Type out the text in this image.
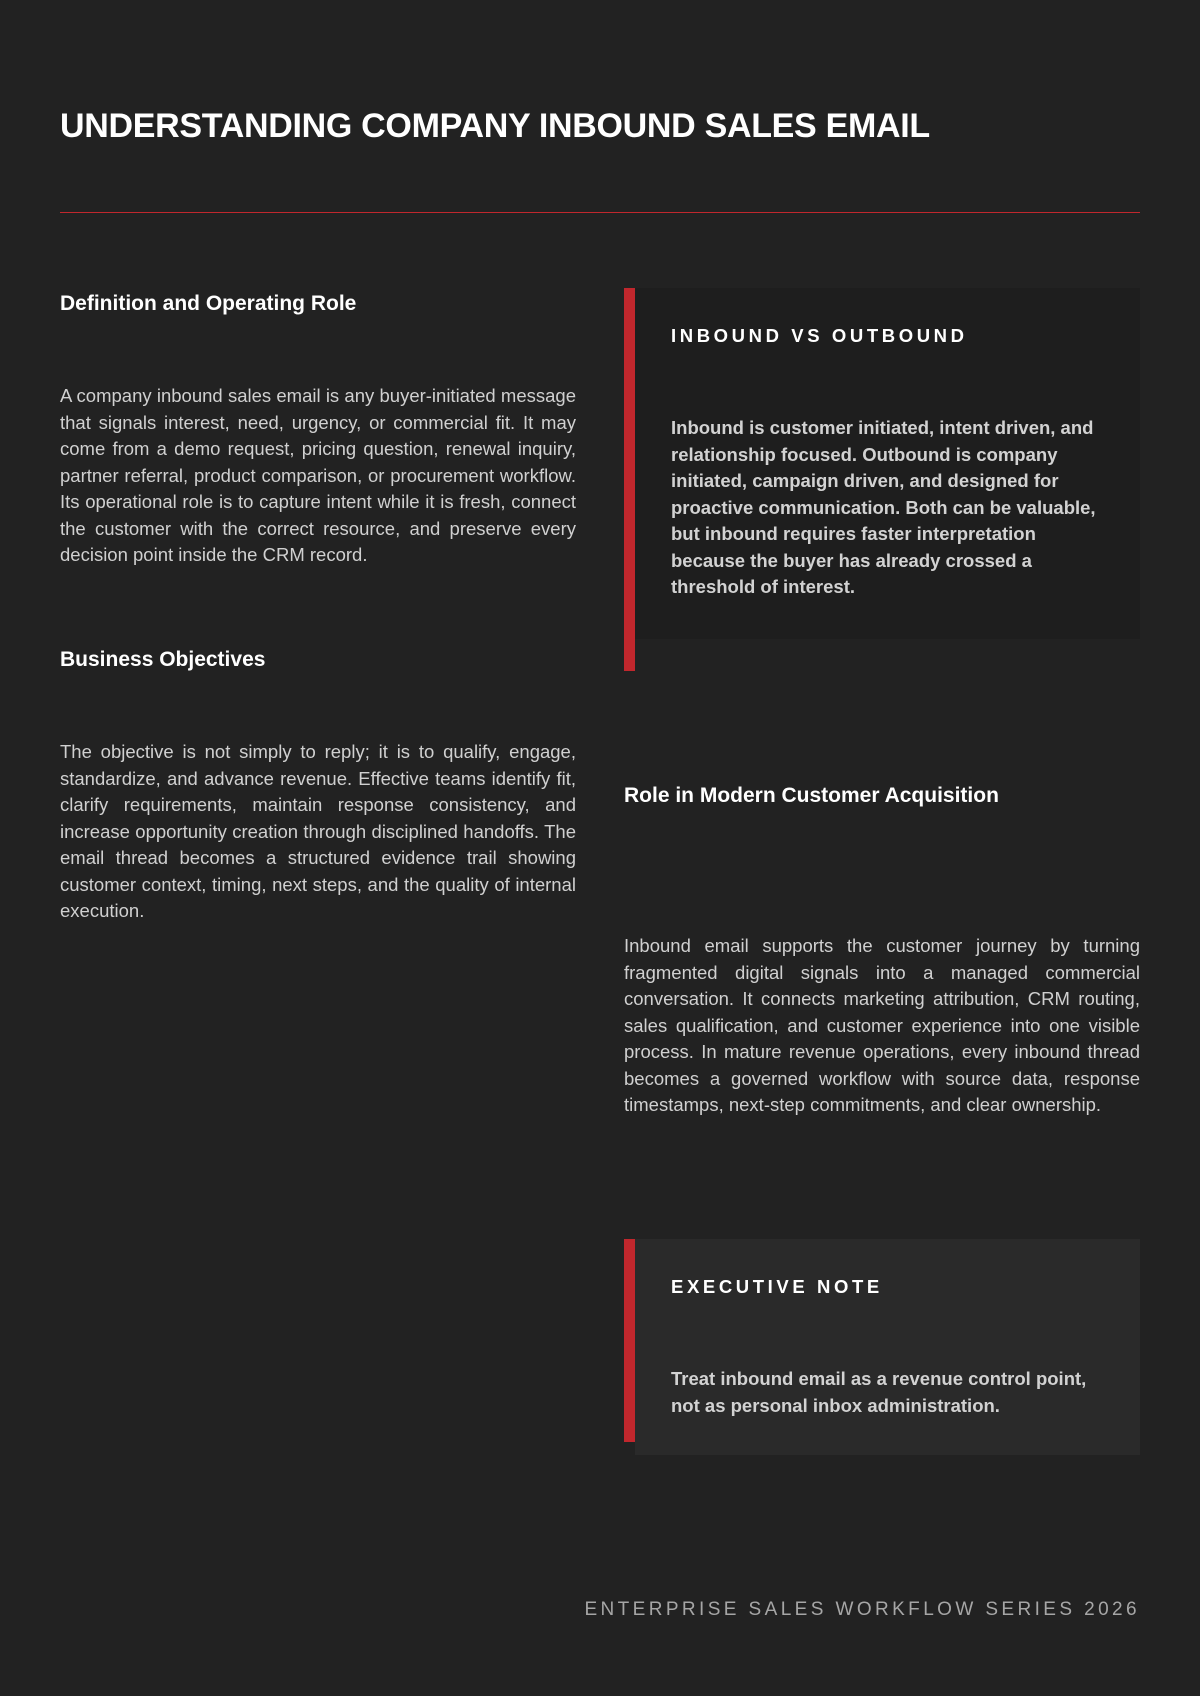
UNDERSTANDING COMPANY INBOUND SALES EMAIL
Definition and Operating Role

A company inbound sales email is any buyer-initiated message that signals interest, need, urgency, or commercial fit. It may come from a demo request, pricing question, renewal inquiry, partner referral, product comparison, or procurement workflow. Its operational role is to capture intent while it is fresh, connect the customer with the correct resource, and preserve every decision point inside the CRM record.

Business Objectives

The objective is not simply to reply; it is to qualify, engage, standardize, and advance revenue. Effective teams identify fit, clarify requirements, maintain response consistency, and increase opportunity creation through disciplined handoffs. The email thread becomes a structured evidence trail showing customer context, timing, next steps, and the quality of internal execution.

INBOUND VS OUTBOUND

Inbound is customer initiated, intent driven, and relationship focused. Outbound is company initiated, campaign driven, and designed for proactive communication. Both can be valuable, but inbound requires faster interpretation because the buyer has already crossed a threshold of interest.

Role in Modern Customer Acquisition

Inbound email supports the customer journey by turning fragmented digital signals into a managed commercial conversation. It connects marketing attribution, CRM routing, sales qualification, and customer experience into one visible process. In mature revenue operations, every inbound thread becomes a governed workflow with source data, response timestamps, next-step commitments, and clear ownership.

EXECUTIVE NOTE

Treat inbound email as a revenue control point, not as personal inbox administration.

ENTERPRISE SALES WORKFLOW SERIES 2026
